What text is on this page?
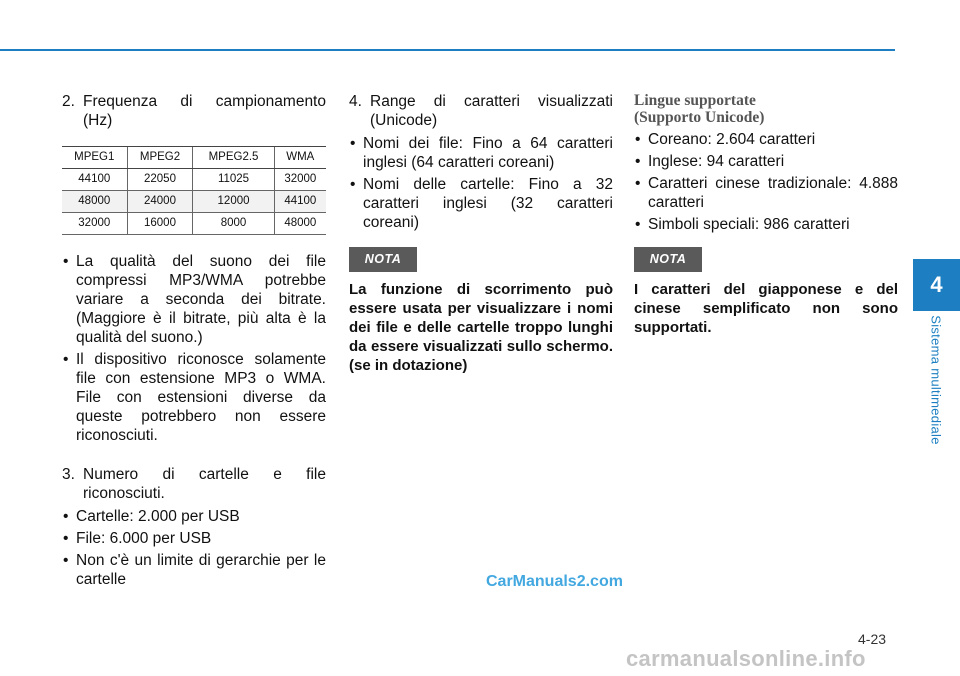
2. Frequenza di campionamento
(Hz)
MPEG1	MPEG2	MPEG2.5	WMA
44100	22050	11025	32000
48000	24000	12000	44100
32000	16000	8000	48000
• La qualità del suono dei file compressi MP3/WMA potrebbe variare a seconda dei bitrate. (Maggiore è il bitrate, più alta è la qualità del suono.)
• Il dispositivo riconosce solamente file con estensione MP3 o WMA. File con estensioni diverse da queste potrebbero non essere riconosciuti.
3. Numero di cartelle e file
riconosciuti.
• Cartelle: 2.000 per USB
• File: 6.000 per USB
• Non c'è un limite di gerarchie per le cartelle
4. Range di caratteri visualizzati
(Unicode)
• Nomi dei file: Fino a 64 caratteri inglesi (64 caratteri coreani)
• Nomi delle cartelle: Fino a 32 caratteri inglesi (32 caratteri coreani)
NOTA
La funzione di scorrimento può essere usata per visualizzare i nomi dei file e delle cartelle troppo lunghi da essere visualizzati sullo schermo. (se in dotazione)
Lingue supportate
(Supporto Unicode)
• Coreano: 2.604 caratteri
• Inglese: 94 caratteri
• Caratteri cinese tradizionale: 4.888 caratteri
• Simboli speciali: 986 caratteri
NOTA
I caratteri del giapponese e del cinese semplificato non sono supportati.
4
Sistema multimediale
CarManuals2.com
4-23
carmanualsonline.info
